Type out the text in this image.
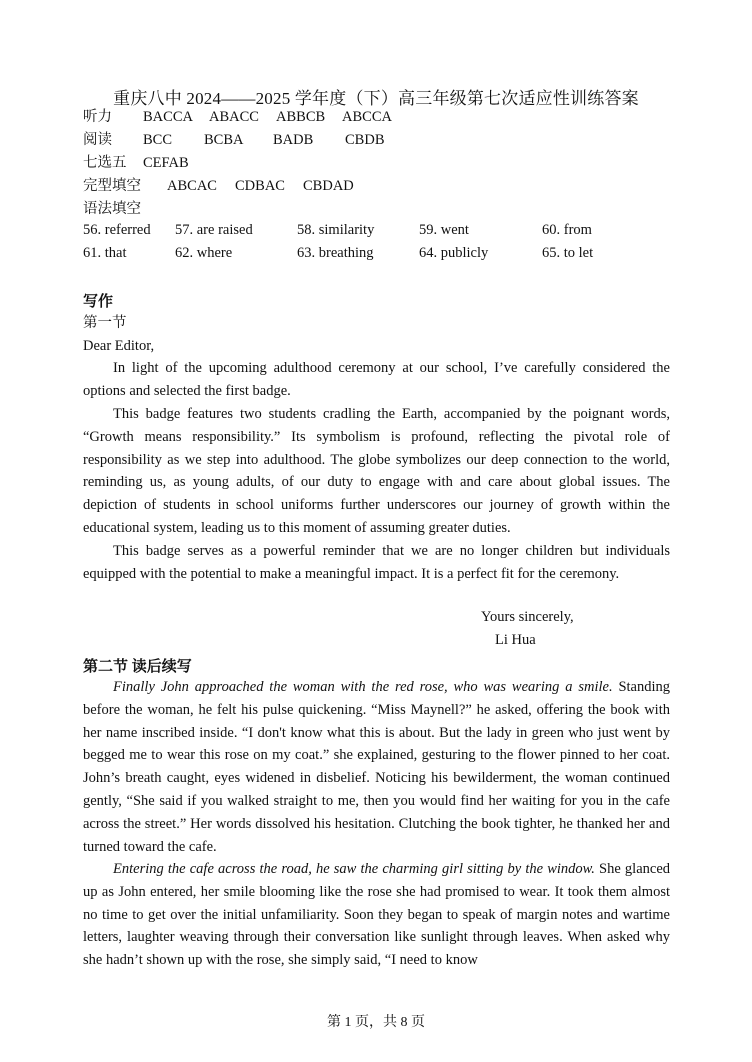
重庆八中 2024——2025 学年度（下）高三年级第七次适应性训练答案
听力 BACCA ABACC ABBCB ABCCA
阅读 BCC BCBA BADB CBDB
七选五 CEFAB
完型填空 ABCAC CDBAC CBDAD
语法填空
56. referred 57. are raised	58. similarity	59. went	60. from
61. that	62. where	63. breathing	64. publicly	65. to let
写作
第一节
Dear Editor,
In light of the upcoming adulthood ceremony at our school, I’ve carefully considered the options and selected the first badge.
This badge features two students cradling the Earth, accompanied by the poignant words, “Growth means responsibility.” Its symbolism is profound, reflecting the pivotal role of responsibility as we step into adulthood. The globe symbolizes our deep connection to the world, reminding us, as young adults, of our duty to engage with and care about global issues. The depiction of students in school uniforms further underscores our journey of growth within the educational system, leading us to this moment of assuming greater duties.
This badge serves as a powerful reminder that we are no longer children but individuals equipped with the potential to make a meaningful impact. It is a perfect fit for the ceremony.
Yours sincerely,
Li Hua
第二节 读后续写
Finally John approached the woman with the red rose, who was wearing a smile. Standing before the woman, he felt his pulse quickening. “Miss Maynell?” he asked, offering the book with her name inscribed inside. “I don't know what this is about. But the lady in green who just went by begged me to wear this rose on my coat.” she explained, gesturing to the flower pinned to her coat. John’s breath caught, eyes widened in disbelief. Noticing his bewilderment, the woman continued gently, “She said if you walked straight to me, then you would find her waiting for you in the cafe across the street.” Her words dissolved his hesitation. Clutching the book tighter, he thanked her and turned toward the cafe.
Entering the cafe across the road, he saw the charming girl sitting by the window. She glanced up as John entered, her smile blooming like the rose she had promised to wear. It took them almost no time to get over the initial unfamiliarity. Soon they began to speak of margin notes and wartime letters, laughter weaving through their conversation like sunlight through leaves. When asked why she hadn’t shown up with the rose, she simply said, “I need to know
第 1 页，共 8 页
